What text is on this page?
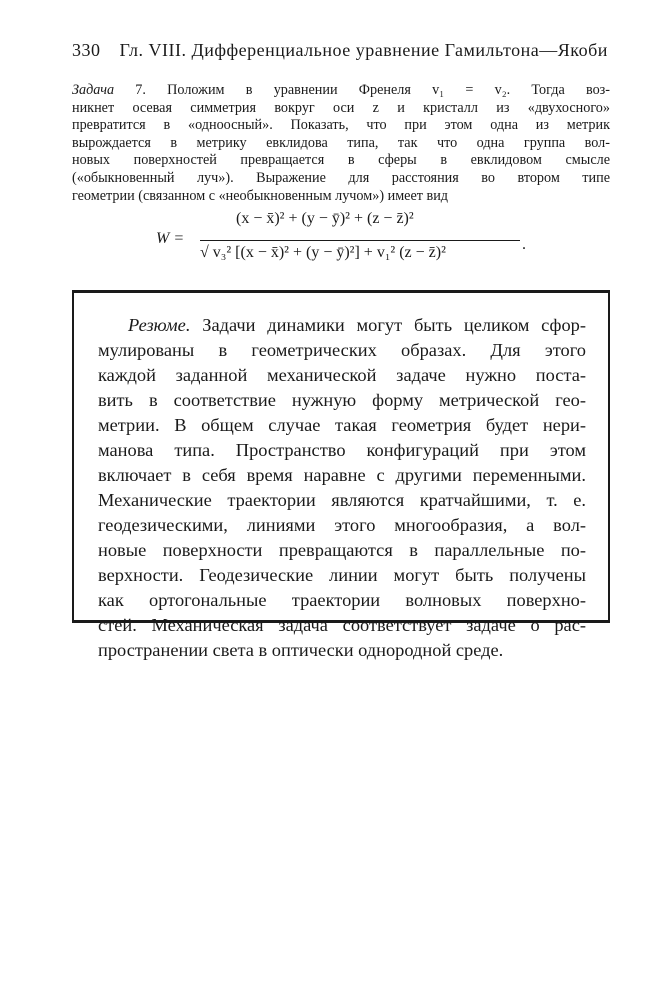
330 Гл. VIII. Дифференциальное уравнение Гамильтона—Якоби
Задача 7. Положим в уравнении Френеля v₁ = v₂. Тогда воз-
никнет осевая симметрия вокруг оси z и кристалл из «двухосного»
превратится в «одноосный». Показать, что при этом одна из метрик
вырождается в метрику евклидова типа, так что одна группа вол-
новых поверхностей превращается в сферы в евклидовом смысле
(«обыкновенный луч»). Выражение для расстояния во втором типе
геометрии (связанном с «необыкновенным лучом») имеет вид
W =
(x − x̄)² + (y − ȳ)² + (z − z̄)²
√ v₃² [(x − x̄)² + (y − ȳ)²] + v₁² (z − z̄)²	.
Резюме. Задачи динамики могут быть целиком сфор-
мулированы в геометрических образах. Для этого
каждой заданной механической задаче нужно поста-
вить в соответствие нужную форму метрической гео-
метрии. В общем случае такая геометрия будет нери-
манова типа. Пространство конфигураций при этом
включает в себя время наравне с другими переменными.
Механические траектории являются кратчайшими, т. е.
геодезическими, линиями этого многообразия, а вол-
новые поверхности превращаются в параллельные по-
верхности. Геодезические линии могут быть получены
как ортогональные траектории волновых поверхно-
стей. Механическая задача соответствует задаче о рас-
пространении света в оптически однородной среде.
